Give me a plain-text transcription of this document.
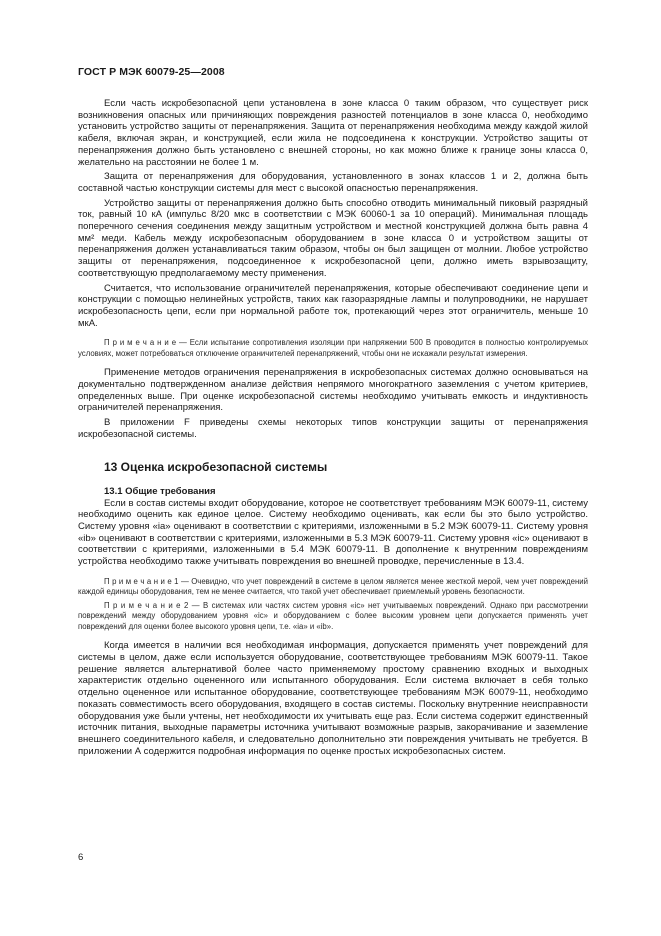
ГОСТ Р МЭК 60079-25—2008

Если часть искробезопасной цепи установлена в зоне класса 0 таким образом, что существует риск возникновения опасных или причиняющих повреждения разностей потенциалов в зоне класса 0, необходимо установить устройство защиты от перенапряжения. Защита от перенапряжения необходима между каждой жилой кабеля, включая экран, и конструкцией, если жила не подсоединена к конструкции. Устройство защиты от перенапряжения должно быть установлено с внешней стороны, но как можно ближе к границе зоны класса 0, желательно на расстоянии не более 1 м.

Защита от перенапряжения для оборудования, установленного в зонах классов 1 и 2, должна быть составной частью конструкции системы для мест с высокой опасностью перенапряжения.

Устройство защиты от перенапряжения должно быть способно отводить минимальный пиковый разрядный ток, равный 10 кА (импульс 8/20 мкс в соответствии с МЭК 60060-1 за 10 операций). Минимальная площадь поперечного сечения соединения между защитным устройством и местной конструкцией должна быть равна 4 мм² меди. Кабель между искробезопасным оборудованием в зоне класса 0 и устройством защиты от перенапряжения должен устанавливаться таким образом, чтобы он был защищен от молнии. Любое устройство защиты от перенапряжения, подсоединенное к искробезопасной цепи, должно иметь взрывозащиту, соответствующую предполагаемому месту применения.

Считается, что использование ограничителей перенапряжения, которые обеспечивают соединение цепи и конструкции с помощью нелинейных устройств, таких как газоразрядные лампы и полупроводники, не нарушает искробезопасность цепи, если при нормальной работе ток, протекающий через этот ограничитель, меньше 10 мкА.

П р и м е ч а н и е — Если испытание сопротивления изоляции при напряжении 500 В проводится в полностью контролируемых условиях, может потребоваться отключение ограничителей перенапряжений, чтобы они не искажали результат измерения.

Применение методов ограничения перенапряжения в искробезопасных системах должно основываться на документально подтвержденном анализе действия непрямого многократного заземления с учетом критериев, определенных выше. При оценке искробезопасной системы необходимо учитывать емкость и индуктивность ограничителей перенапряжения.

В приложении F приведены схемы некоторых типов конструкции защиты от перенапряжения искробезопасной системы.

13 Оценка искробезопасной системы
13.1 Общие требования

Если в состав системы входит оборудование, которое не соответствует требованиям МЭК 60079-11, систему необходимо оценить как единое целое. Систему необходимо оценивать, как если бы это было устройство. Систему уровня «ia» оценивают в соответствии с критериями, изложенными в 5.2 МЭК 60079-11. Систему уровня «ib» оценивают в соответствии с критериями, изложенными в 5.3 МЭК 60079-11. Систему уровня «ic» оценивают в соответствии с критериями, изложенными в 5.4 МЭК 60079-11. В дополнение к внутренним повреждениям устройства необходимо также учитывать повреждения во внешней проводке, перечисленные в 13.4.

П р и м е ч а н и е 1 — Очевидно, что учет повреждений в системе в целом является менее жесткой мерой, чем учет повреждений каждой единицы оборудования, тем не менее считается, что такой учет обеспечивает приемлемый уровень безопасности.

П р и м е ч а н и е 2 — В системах или частях систем уровня «ic» нет учитываемых повреждений. Однако при рассмотрении повреждений между оборудованием уровня «ic» и оборудованием с более высоким уровнем цепи допускается применять учет повреждений для оценки более высокого уровня цепи, т.е. «ia» и «ib».

Когда имеется в наличии вся необходимая информация, допускается применять учет повреждений для системы в целом, даже если используется оборудование, соответствующее требованиям МЭК 60079-11. Такое решение является альтернативой более часто применяемому простому сравнению входных и выходных характеристик отдельно оцененного или испытанного оборудования. Если система включает в себя только отдельно оцененное или испытанное оборудование, соответствующее требованиям МЭК 60079-11, необходимо показать совместимость всего оборудования, входящего в состав системы. Поскольку внутренние неисправности оборудования уже были учтены, нет необходимости их учитывать еще раз. Если система содержит единственный источник питания, выходные параметры источника учитывают возможные разрыв, закорачивание и заземление внешнего соединительного кабеля, и следовательно дополнительно эти повреждения учитывать не требуется. В приложении А содержится подробная информация по оценке простых искробезопасных систем.

6
